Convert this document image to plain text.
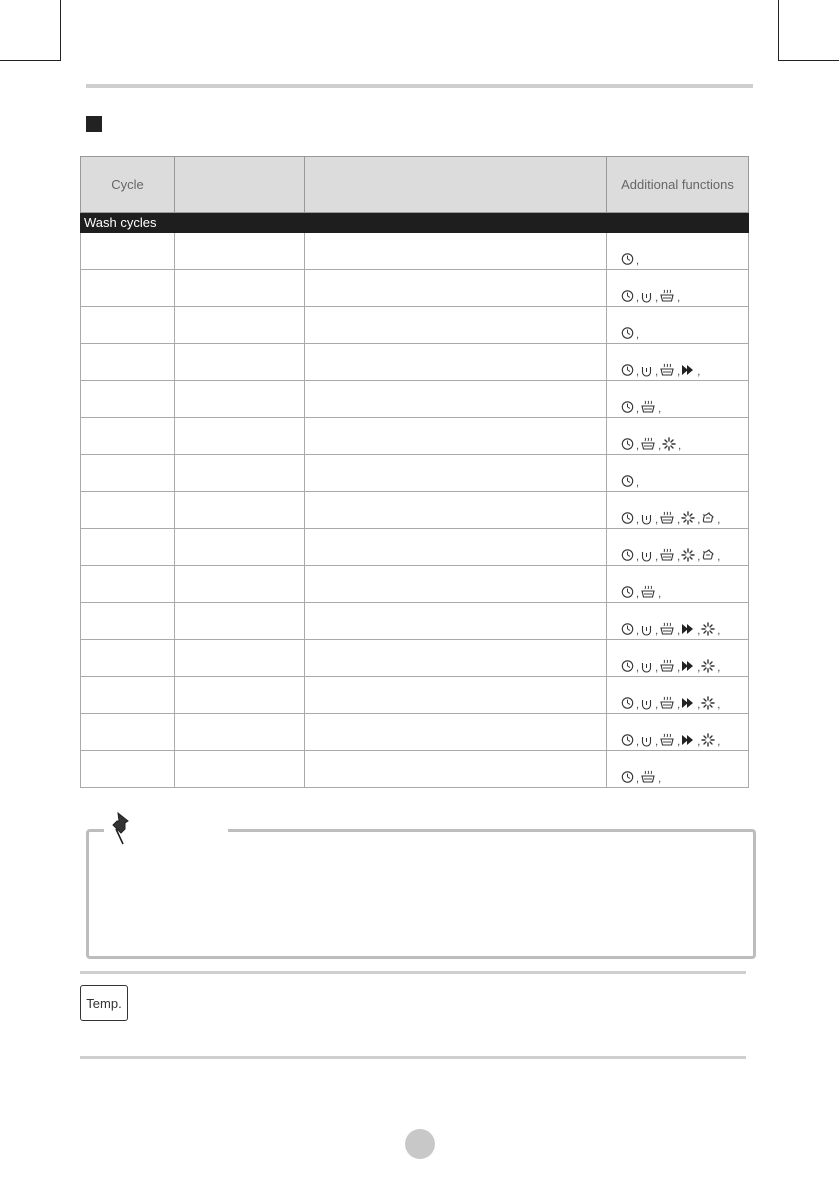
Cycle			Additional functions
Wash cycles			

			,

			, , ,

			,

			, , , ,

			, ,

			, , ,

			,

			, , , , ,

			, , , , ,

			, ,

			, , , , ,

			, , , , ,

			, , , , ,

			, , , , ,

			, ,
Temp.
